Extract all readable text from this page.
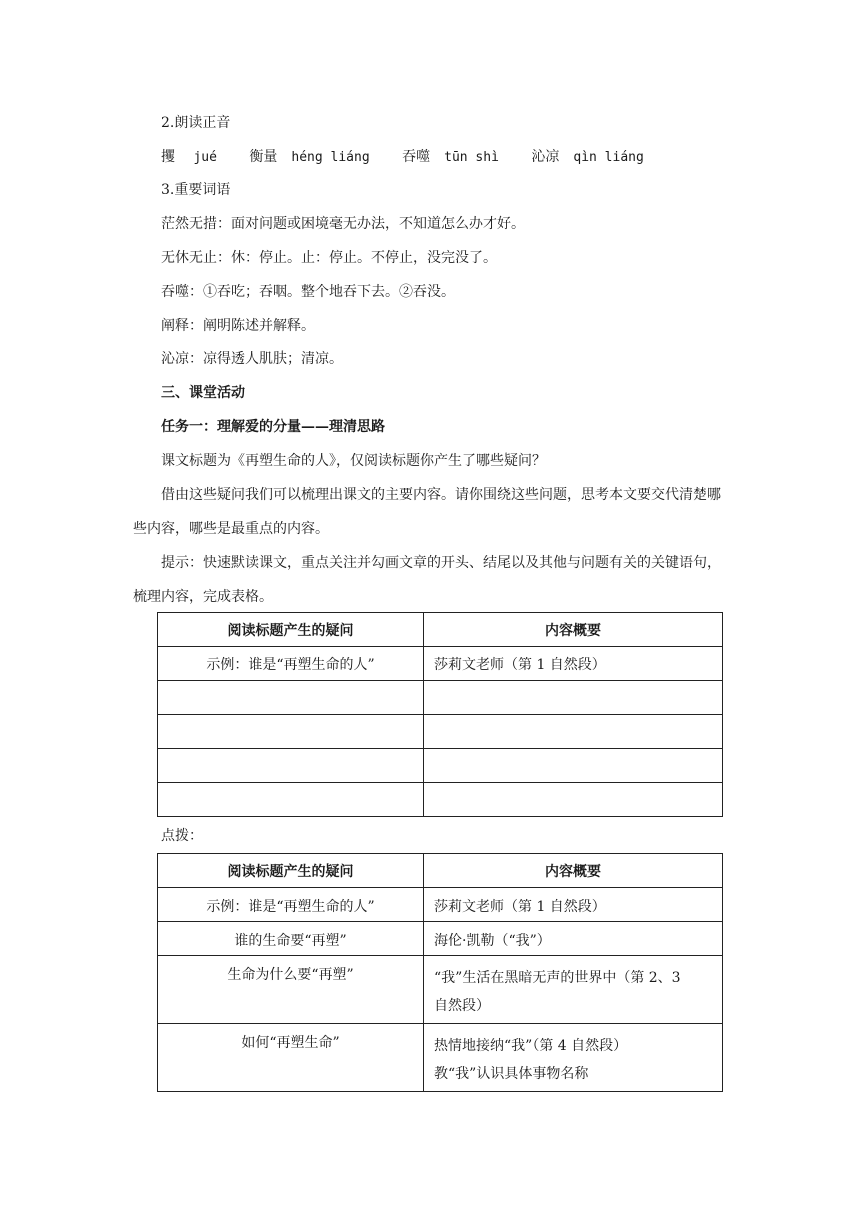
2.朗读正音
攫 jué 衡量 héng liáng 吞噬 tūn shì 沁凉 qìn liáng
3.重要词语
茫然无措：面对问题或困境毫无办法，不知道怎么办才好。
无休无止：休：停止。止：停止。不停止，没完没了。
吞噬：①吞吃；吞咽。整个地吞下去。②吞没。
阐释：阐明陈述并解释。
沁凉：凉得透人肌肤；清凉。
三、课堂活动
任务一：理解爱的分量——理清思路
课文标题为《再塑生命的人》，仅阅读标题你产生了哪些疑问？
借由这些疑问我们可以梳理出课文的主要内容。请你围绕这些问题，思考本文要交代清楚哪些内容，哪些是最重点的内容。
提示：快速默读课文，重点关注并勾画文章的开头、结尾以及其他与问题有关的关键语句，梳理内容，完成表格。
阅读标题产生的疑问	内容概要
示例：谁是“再塑生命的人”	莎莉文老师（第 1 自然段）

点拨：
阅读标题产生的疑问	内容概要
示例：谁是“再塑生命的人”	莎莉文老师（第 1 自然段）
谁的生命要“再塑”	海伦·凯勒（“我”）
生命为什么要“再塑”	“我”生活在黑暗无声的世界中（第 2、3
自然段）

如何“再塑生命”	热情地接纳“我”（第 4 自然段）
教“我”认识具体事物名称
